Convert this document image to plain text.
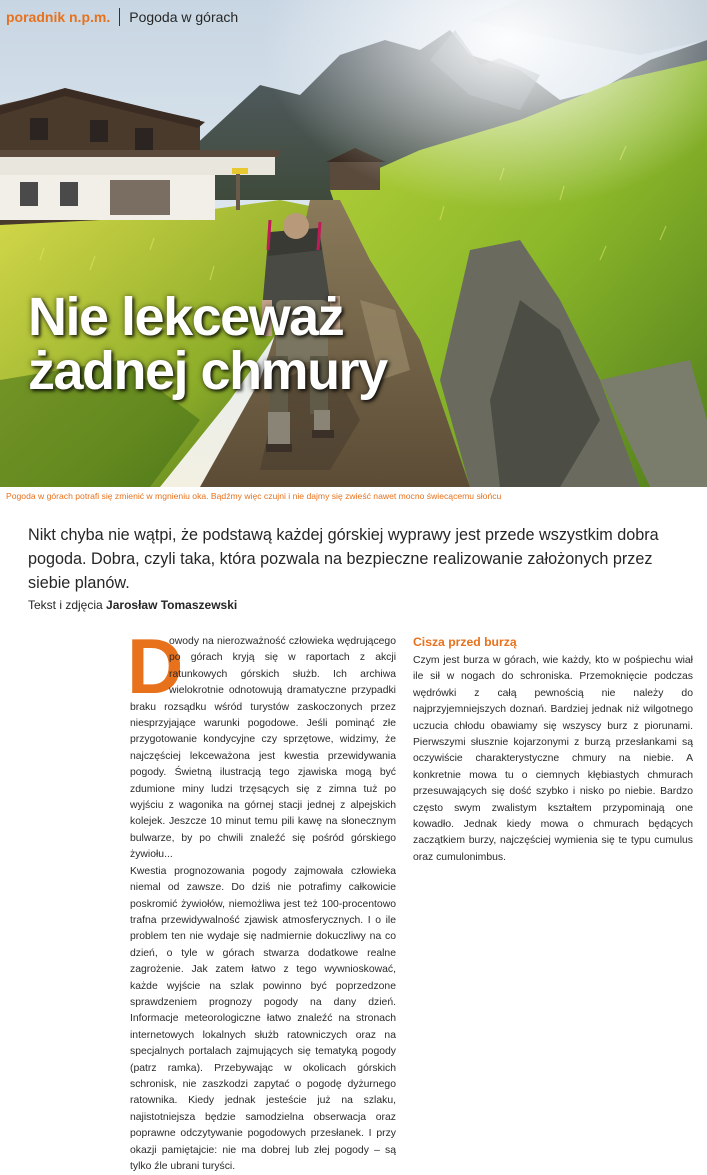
poradnik n.p.m. Pogoda w górach
Nie lekceważ
żadnej chmury
Pogoda w górach potrafi się zmienić w mgnieniu oka. Bądźmy więc czujni i nie dajmy się zwieść nawet mocno świecącemu słońcu

Nikt chyba nie wątpi, że podstawą każdej górskiej wyprawy jest przede wszystkim dobra pogoda. Dobra, czyli taka, która pozwala na bezpieczne realizowanie założonych przez siebie planów.

Tekst i zdjęcia Jarosław Tomaszewski
D

owody na nierozważność człowieka wędrującego po górach kryją się w raportach z akcji ratunkowych górskich służb. Ich archiwa wielokrotnie odnotowują dramatyczne przypadki braku rozsądku wśród turystów zaskoczonych przez niesprzyjające warunki pogodowe. Jeśli pominąć złe przygotowanie kondycyjne czy sprzętowe, widzimy, że najczęściej lekceważona jest kwestia przewidywania pogody. Świetną ilustracją tego zjawiska mogą być zdumione miny ludzi trzęsących się z zimna tuż po wyjściu z wagonika na górnej stacji jednej z alpejskich kolejek. Jeszcze 10 minut temu pili kawę na słonecznym bulwarze, by po chwili znaleźć się pośród górskiego żywiołu...

Kwestia prognozowania pogody zajmowała człowieka niemal od zawsze. Do dziś nie potrafimy całkowicie poskromić żywiołów, niemożliwa jest też 100-procentowo trafna przewidywalność zjawisk atmosferycznych. I o ile problem ten nie wydaje się nadmiernie dokuczliwy na co dzień, o tyle w górach stwarza dodatkowe realne zagrożenie. Jak zatem łatwo z tego wywnioskować, każde wyjście na szlak powinno być poprzedzone sprawdzeniem prognozy pogody na dany dzień. Informacje meteorologiczne łatwo znaleźć na stronach internetowych lokalnych służb ratowniczych oraz na specjalnych portalach zajmujących się tematyką pogody (patrz ramka). Przebywając w okolicach górskich schronisk, nie zaszkodzi zapytać o pogodę dyżurnego ratownika. Kiedy jednak jesteście już na szlaku, najistotniejsza będzie samodzielna obserwacja oraz poprawne odczytywanie pogodowych przesłanek. I przy okazji pamiętajcie: nie ma dobrej lub złej pogody – są tylko źle ubrani turyści.

Cisza przed burzą

Czym jest burza w górach, wie każdy, kto w pośpiechu wiał ile sił w nogach do schroniska. Przemoknięcie podczas wędrówki z całą pewnością nie należy do najprzyjemniejszych doznań. Bardziej jednak niż wilgotnego uczucia chłodu obawiamy się wszyscy burz z piorunami. Pierwszymi słusznie kojarzonymi z burzą przesłankami są oczywiście charakterystyczne chmury na niebie. A konkretnie mowa tu o ciemnych kłębiastych chmurach przesuwających się dość szybko i nisko po niebie. Bardzo często swym zwalistym kształtem przypominają one kowadło. Jednak kiedy mowa o chmurach będących zaczątkiem burzy, najczęściej wymienia się te typu cumulus oraz cumulonimbus.
